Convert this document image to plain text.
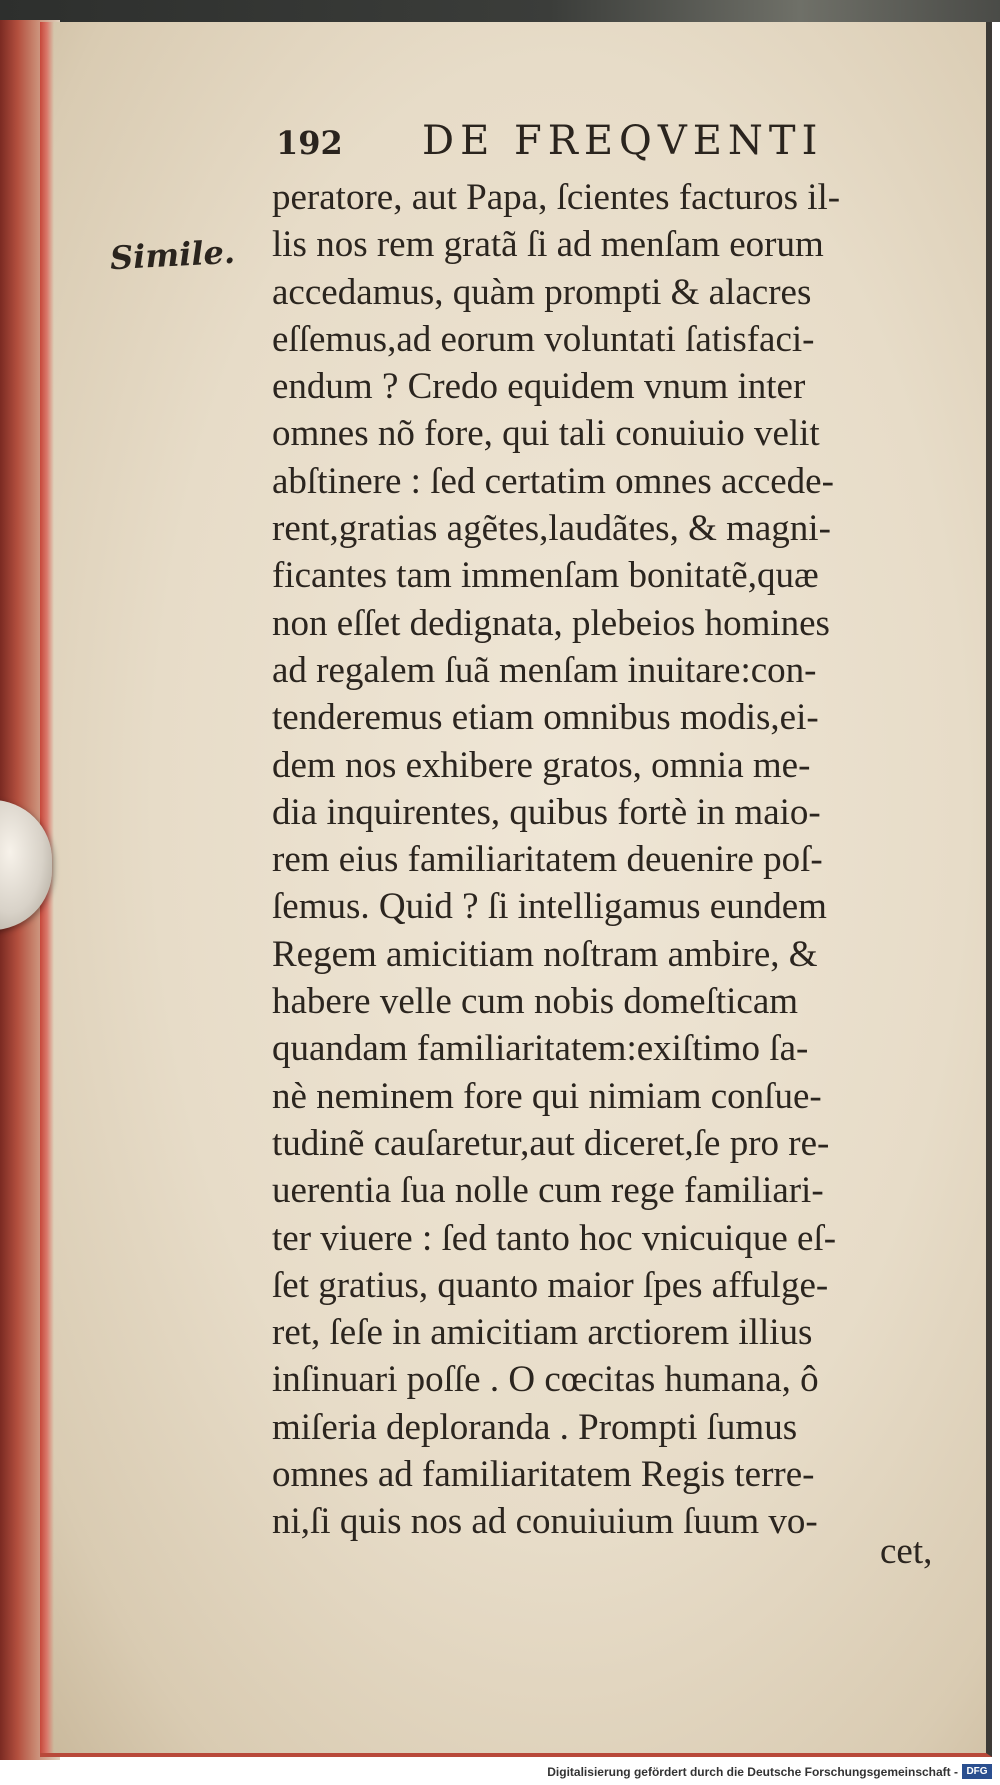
192 DE FREQVENTI
Simile.
peratore, aut Papa, ſcientes facturos il-
lis nos rem gratã ſi ad menſam eorum
accedamus, quàm prompti & alacres
eſſemus,ad eorum voluntati ſatisfaci-
endum ? Credo equidem vnum inter
omnes nõ fore, qui tali conuiuio velit
abſtinere : ſed certatim omnes accede-
rent,gratias agẽtes,laudãtes, & magni-
ficantes tam immenſam bonitatẽ,quæ
non eſſet dedignata, plebeios homines
ad regalem ſuã menſam inuitare:con-
tenderemus etiam omnibus modis,ei-
dem nos exhibere gratos, omnia me-
dia inquirentes, quibus fortè in maio-
rem eius familiaritatem deuenire poſ-
ſemus. Quid ? ſi intelligamus eundem
Regem amicitiam noſtram ambire, &
habere velle cum nobis domeſticam
quandam familiaritatem:exiſtimo ſa-
nè neminem fore qui nimiam conſue-
tudinẽ cauſaretur,aut diceret,ſe pro re-
uerentia ſua nolle cum rege familiari-
ter viuere : ſed tanto hoc vnicuique eſ-
ſet gratius, quanto maior ſpes affulge-
ret, ſeſe in amicitiam arctiorem illius
inſinuari poſſe . O cœcitas humana, ô
miſeria deploranda . Prompti ſumus
omnes ad familiaritatem Regis terre-
ni,ſi quis nos ad conuiuium ſuum vo-
cet,
Digitalisierung gefördert durch die Deutsche Forschungsgemeinschaft - DFG
